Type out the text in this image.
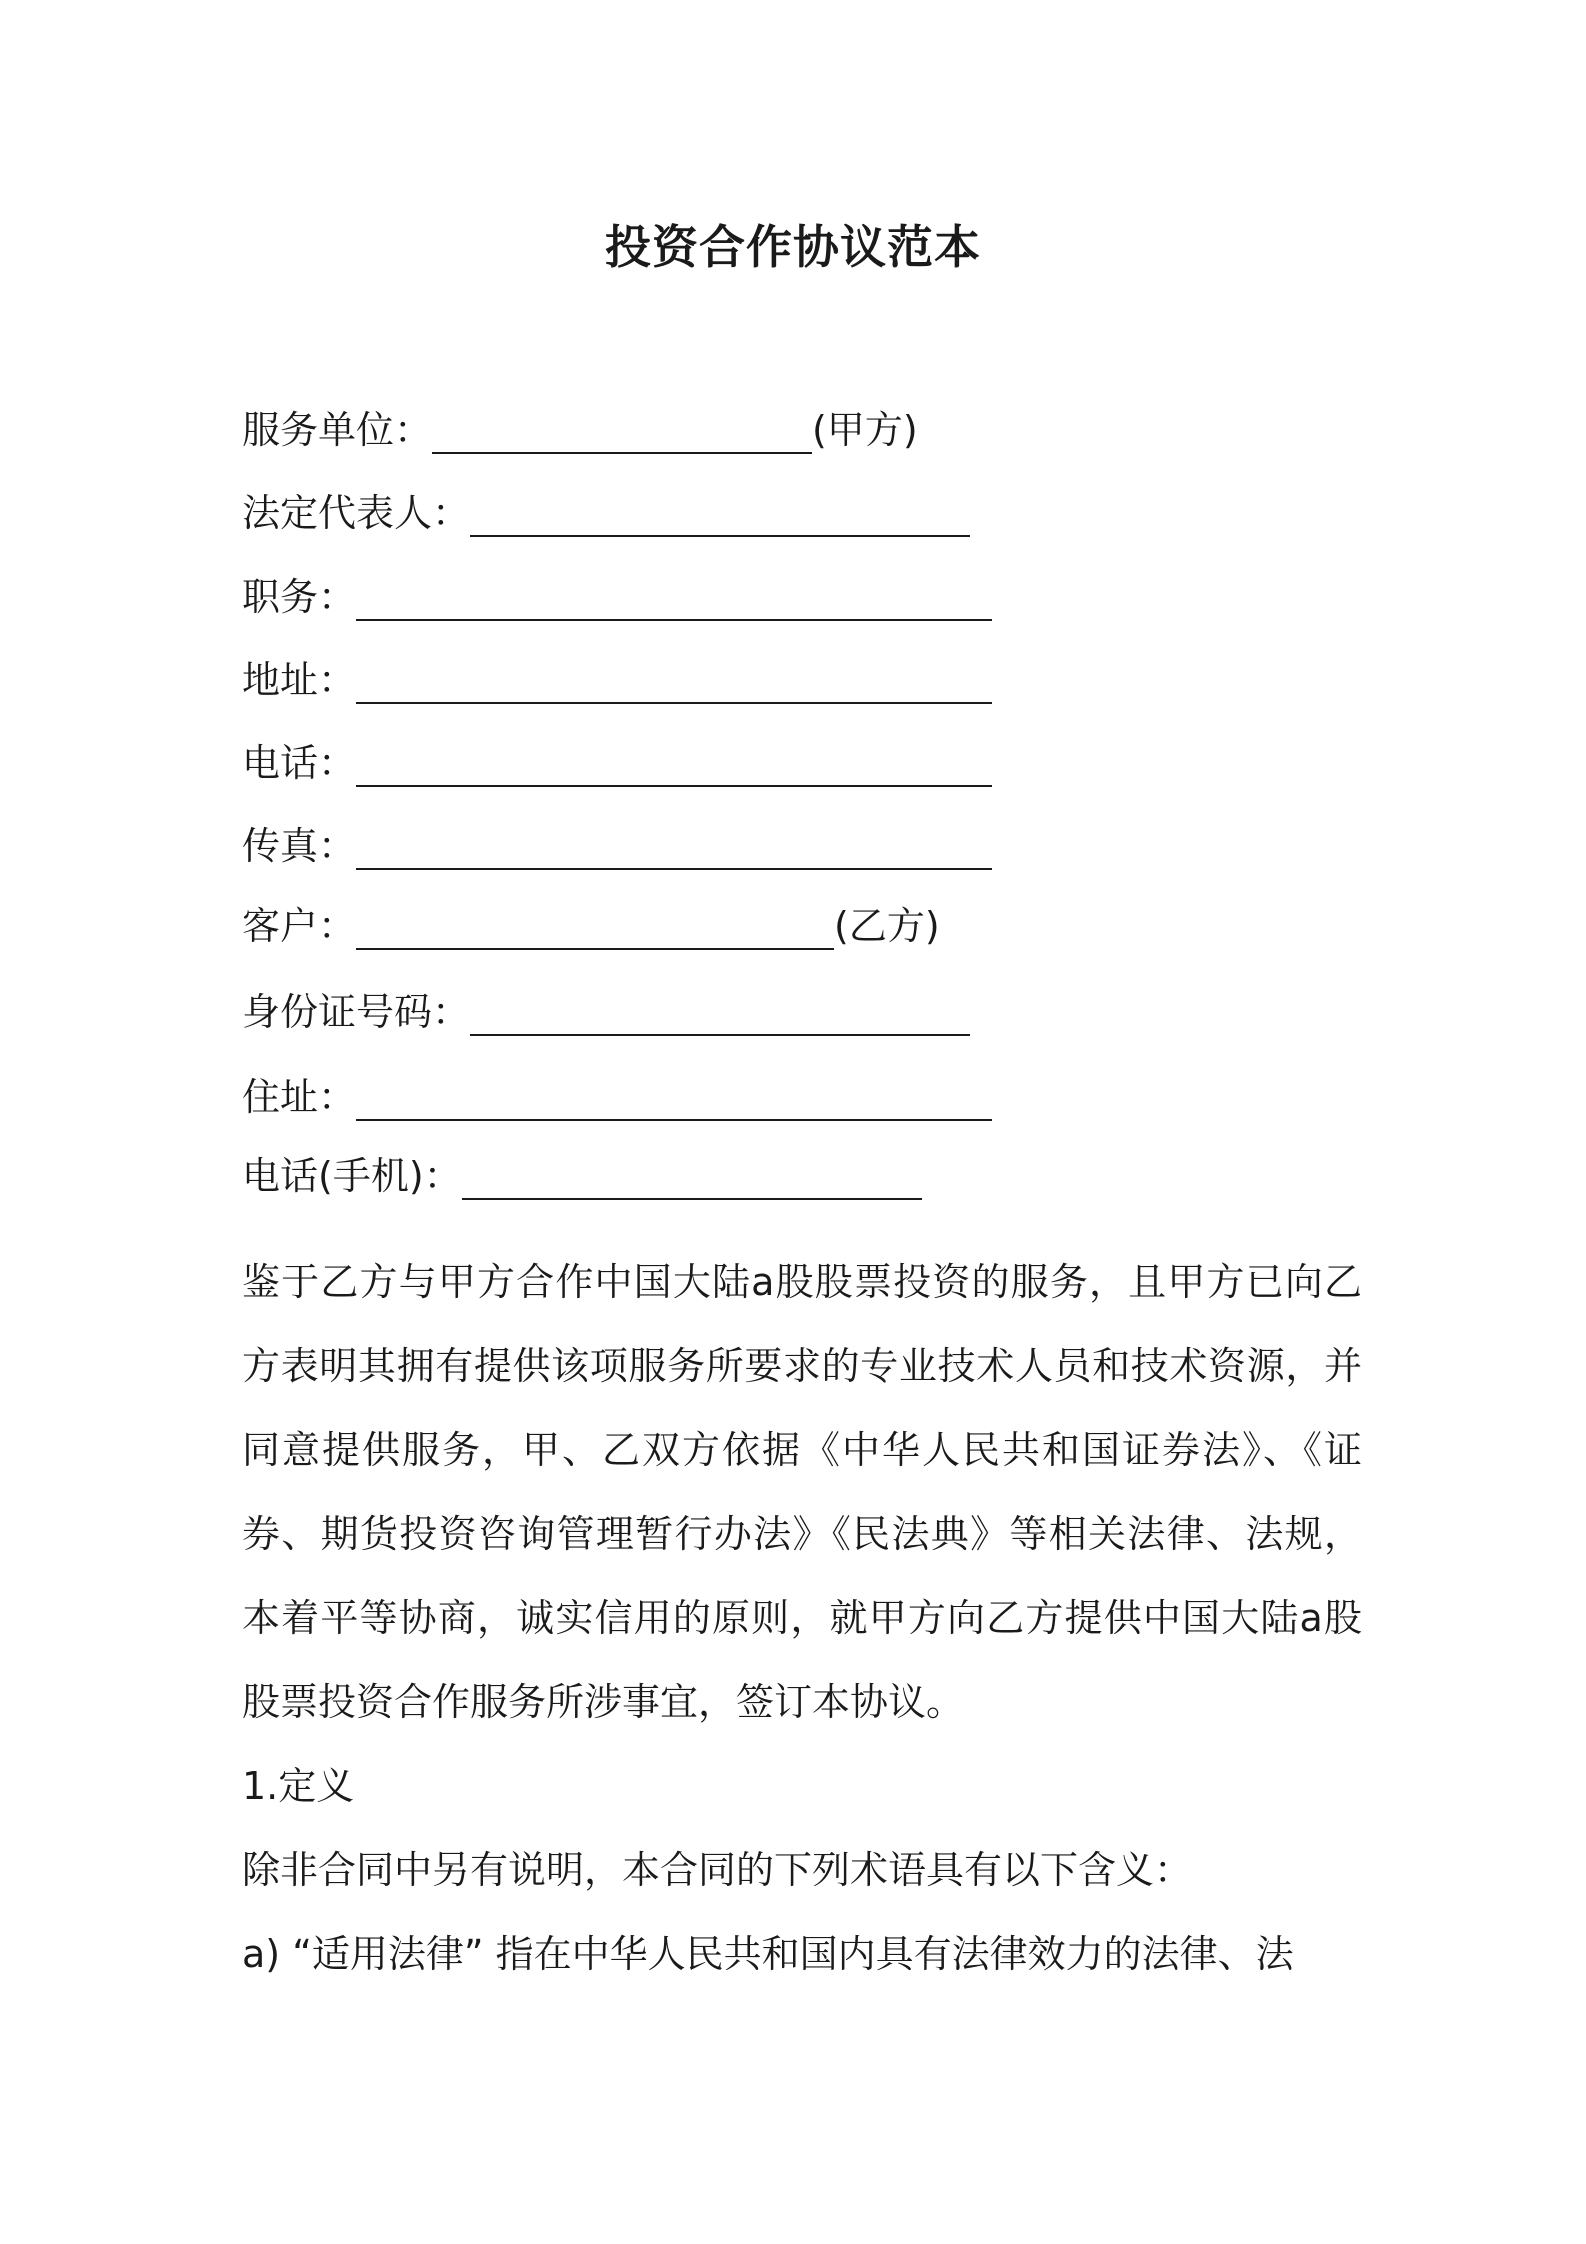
投资合作协议范本
服务单位：	(甲方)
法定代表人：
职务：
地址：
电话：
传真：
客户：	(乙方)
身份证号码：
住址：
电话(手机)：

鉴于乙方与甲方合作中国大陆a股股票投资的服务，且甲方已向乙方表明其拥有提供该项服务所要求的专业技术人员和技术资源，并同意提供服务，甲、乙双方依据《中华人民共和国证券法》、《证券、期货投资咨询管理暂行办法》《民法典》等相关法律、法规，本着平等协商，诚实信用的原则，就甲方向乙方提供中国大陆a股股票投资合作服务所涉事宜，签订本协议。

1.定义

除非合同中另有说明，本合同的下列术语具有以下含义：

a) “适用法律” 指在中华人民共和国内具有法律效力的法律、法
